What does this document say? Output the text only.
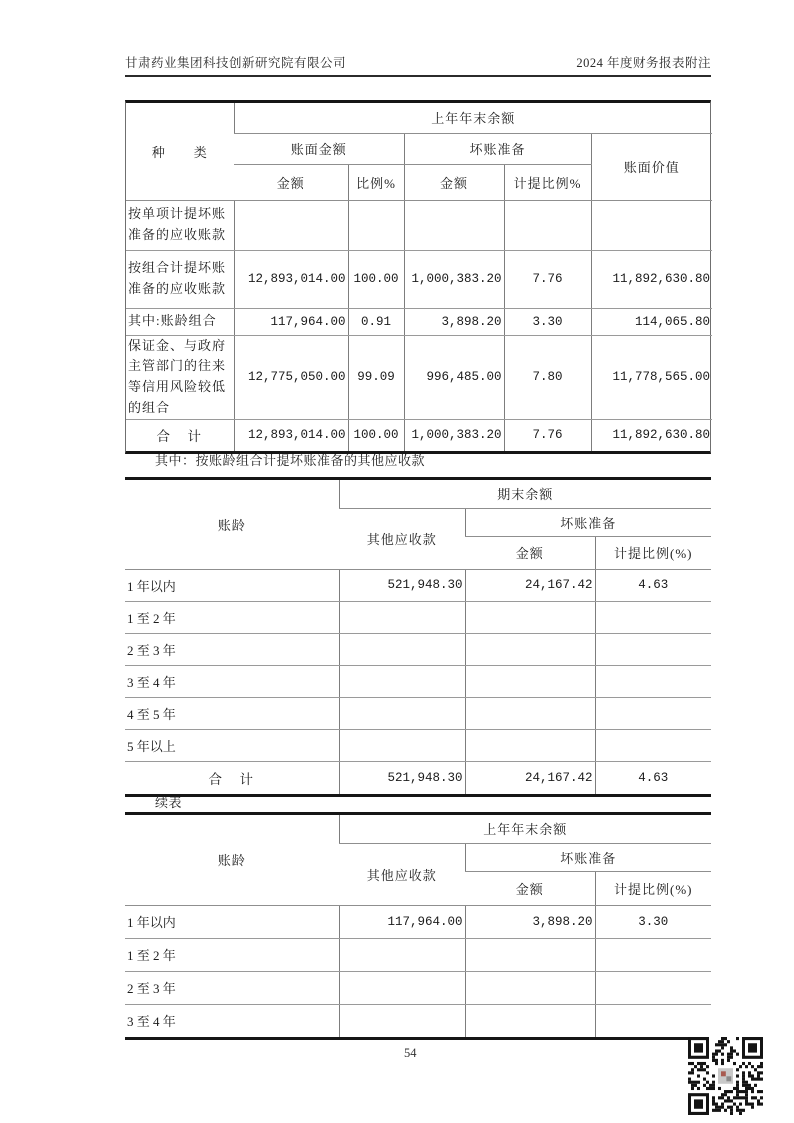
甘肃药业集团科技创新研究院有限公司	2024 年度财务报表附注
种　　类	上年年末余额				
	账面金额		坏账准备		账面价值
	金额	比例%	金额	计提比例%	
按单项计提坏账准备的应收账款					
按组合计提坏账准备的应收账款	12,893,014.00	100.00	1,000,383.20	7.76	11,892,630.80
其中:账龄组合	117,964.00	0.91	3,898.20	3.30	114,065.80
保证金、与政府主管部门的往来等信用风险较低的组合	12,775,050.00	99.09	996,485.00	7.80	11,778,565.00
合　计	12,893,014.00	100.00	1,000,383.20	7.76	11,892,630.80
其中：按账龄组合计提坏账准备的其他应收款
账龄	期末余额		
	其他应收款	坏账准备	
		金额	计提比例(%)
1 年以内	521,948.30	24,167.42	4.63
1 至 2 年			
2 至 3 年			
3 至 4 年			
4 至 5 年			
5 年以上			
合　计	521,948.30	24,167.42	4.63
续表
账龄	上年年末余额		
	其他应收款	坏账准备	
		金额	计提比例(%)
1 年以内	117,964.00	3,898.20	3.30
1 至 2 年			
2 至 3 年			
3 至 4 年			
54
